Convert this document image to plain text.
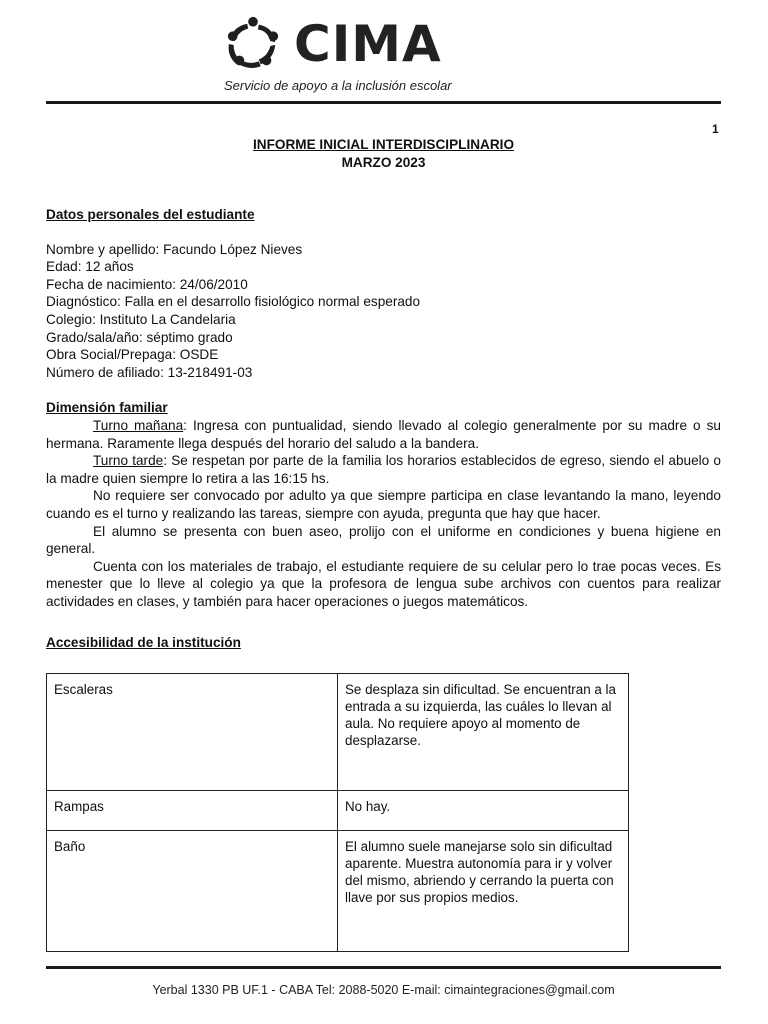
CIMA
Servicio de apoyo a la inclusión escolar
1
INFORME INICIAL INTERDISCIPLINARIO
MARZO 2023

Datos personales del estudiante

Nombre y apellido: Facundo López Nieves
Edad: 12 años
Fecha de nacimiento: 24/06/2010
Diagnóstico: Falla en el desarrollo fisiológico normal esperado
Colegio: Instituto La Candelaria
Grado/sala/año: séptimo grado
Obra Social/Prepaga: OSDE
Número de afiliado: 13-218491-03

Dimensión familiar

Turno mañana: Ingresa con puntualidad, siendo llevado al colegio generalmente por su madre o su hermana. Raramente llega después del horario del saludo a la bandera.

Turno tarde: Se respetan por parte de la familia los horarios establecidos de egreso, siendo el abuelo o la madre quien siempre lo retira a las 16:15 hs.

No requiere ser convocado por adulto ya que siempre participa en clase levantando la mano, leyendo cuando es el turno y realizando las tareas, siempre con ayuda, pregunta que hay que hacer.

El alumno se presenta con buen aseo, prolijo con el uniforme en condiciones y buena higiene en general.

Cuenta con los materiales de trabajo, el estudiante requiere de su celular pero lo trae pocas veces. Es menester que lo lleve al colegio ya que la profesora de lengua sube archivos con cuentos para realizar actividades en clases, y también para hacer operaciones o juegos matemáticos.

Accesibilidad de la institución

Escaleras	Se desplaza sin dificultad. Se encuentran a la entrada a su izquierda, las cuáles lo llevan al aula. No requiere apoyo al momento de desplazarse.
Rampas	No hay.
Baño	El alumno suele manejarse solo sin dificultad aparente. Muestra autonomía para ir y volver del mismo, abriendo y cerrando la puerta con llave por sus propios medios.
Yerbal 1330 PB UF.1 - CABA Tel: 2088-5020 E-mail: cimaintegraciones@gmail.com
